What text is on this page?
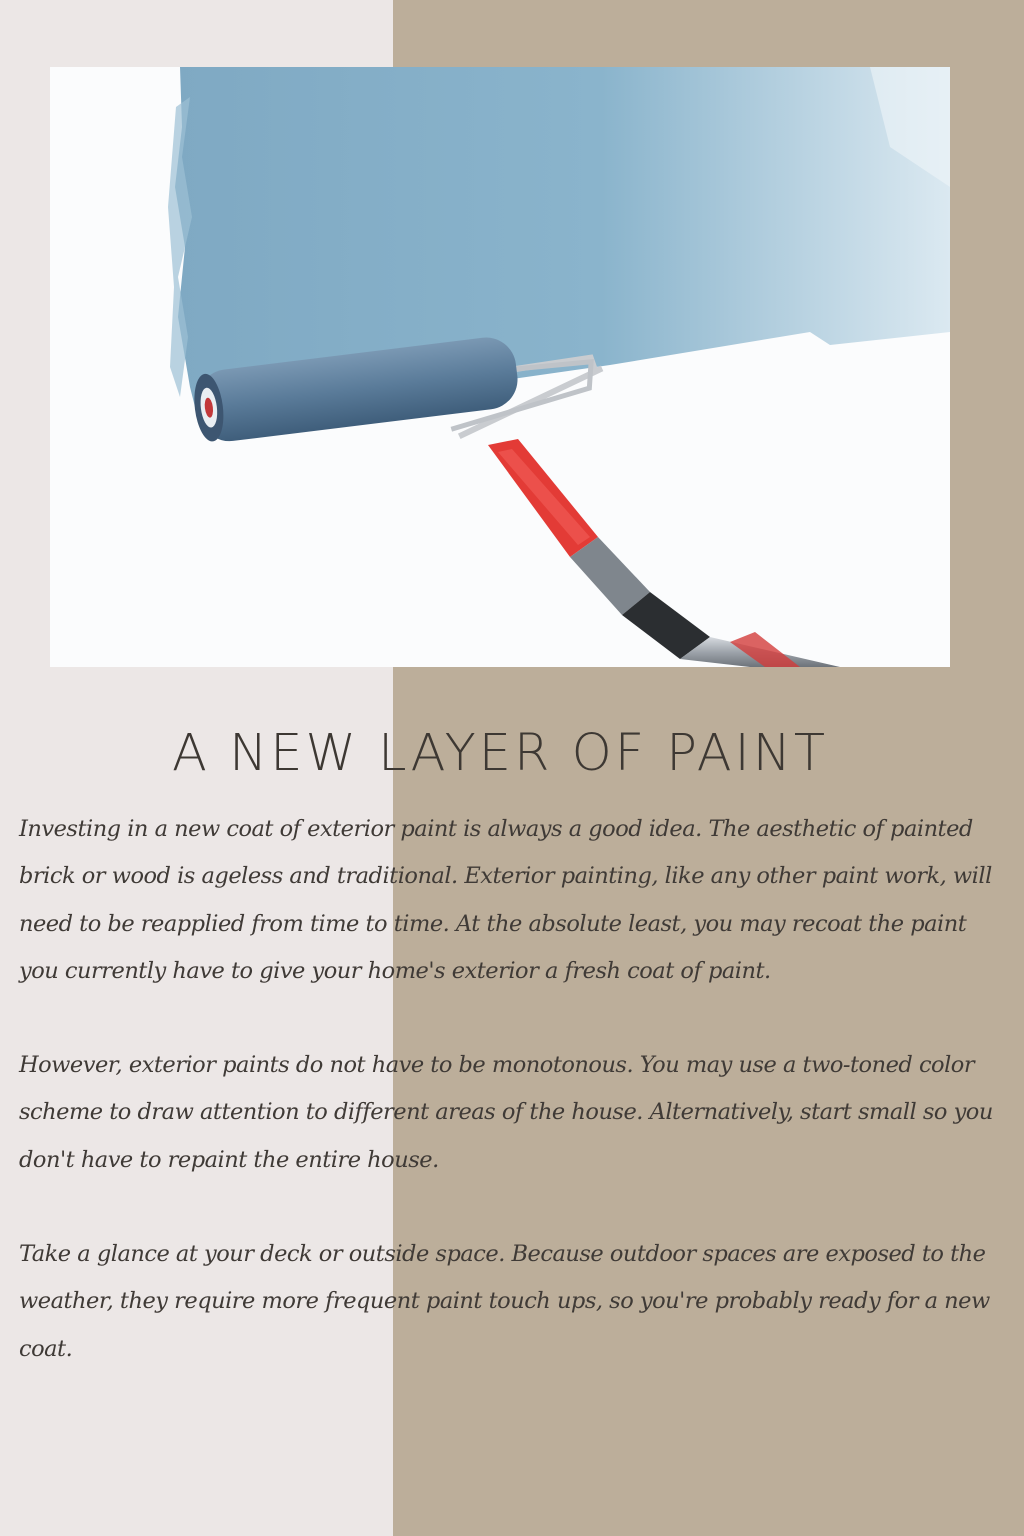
A NEW LAYER OF PAINT

Investing in a new coat of exterior paint is always a good idea. The aesthetic of painted brick or wood is ageless and traditional. Exterior painting, like any other paint work, will need to be reapplied from time to time. At the absolute least, you may recoat the paint you currently have to give your home's exterior a fresh coat of paint.

However, exterior paints do not have to be monotonous. You may use a two-toned color scheme to draw attention to different areas of the house. Alternatively, start small so you don't have to repaint the entire house.

Take a glance at your deck or outside space. Because outdoor spaces are exposed to the weather, they require more frequent paint touch ups, so you're probably ready for a new coat.
